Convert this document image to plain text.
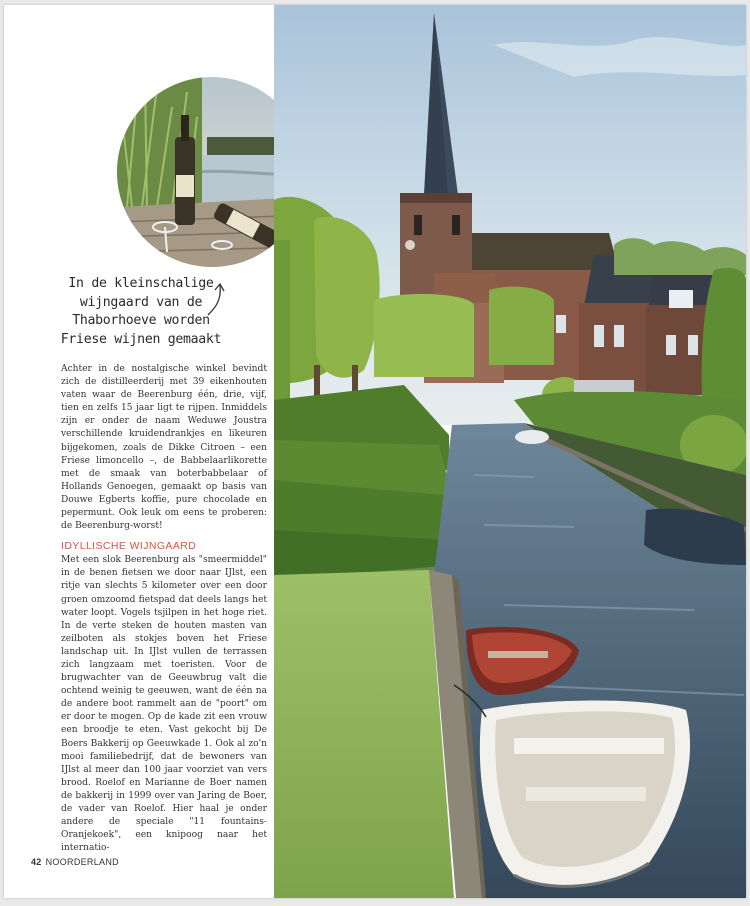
In de kleinschalige wijngaard van de Thaborhoeve worden Friese wijnen gemaakt

Achter in de nostalgische winkel bevindt zich de distilleerderij met 39 eikenhouten vaten waar de Beerenburg één, drie, vijf, tien en zelfs 15 jaar ligt te rijpen. Inmiddels zijn er onder de naam Weduwe Joustra verschillende kruidendrankjes en likeuren bijgekomen, zoals de Dikke Citroen – een Friese limoncello –, de Babbelaarlikorette met de smaak van boterbabbelaar of Hollands Genoegen, gemaakt op basis van Douwe Egberts koffie, pure chocolade en pepermunt. Ook leuk om eens te proberen: de Beerenburg-worst!

IDYLLISCHE WIJNGAARD

Met een slok Beerenburg als "smeermiddel" in de benen fietsen we door naar IJlst, een ritje van slechts 5 kilometer over een door groen omzoomd fietspad dat deels langs het water loopt. Vogels tsjilpen in het hoge riet. In de verte steken de houten masten van zeilboten als stokjes boven het Friese landschap uit. In IJlst vullen de terrassen zich langzaam met toeristen. Voor de brugwachter van de Geeuwbrug valt die ochtend weinig te geeuwen, want de één na de andere boot rammelt aan de "poort" om er door te mogen. Op de kade zit een vrouw een broodje te eten. Vast gekocht bij De Boers Bakkerij op Geeuwkade 1. Ook al zo'n mooi familiebedrijf, dat de bewoners van IJlst al meer dan 100 jaar voorziet van vers brood. Roelof en Marianne de Boer namen de bakkerij in 1999 over van Jaring de Boer, de vader van Roelof. Hier haal je onder andere de speciale "11 fountains-Oranjekoek", een knipoog naar het internatio-

42 NOORDERLAND
